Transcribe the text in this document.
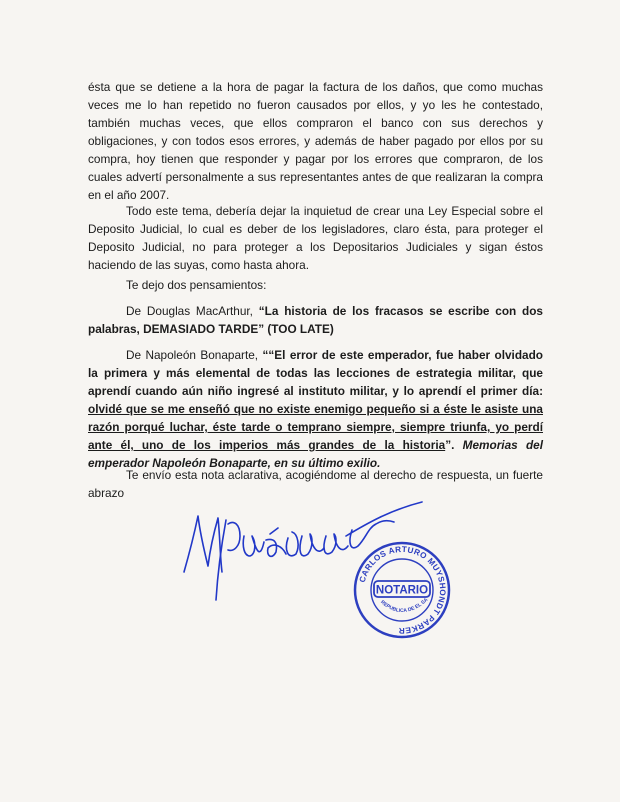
ésta que se detiene a la hora de pagar la factura de los daños, que como muchas veces me lo han repetido no fueron causados por ellos, y yo les he contestado, también muchas veces, que ellos compraron el banco con sus derechos y obligaciones, y con todos esos errores, y además de haber pagado por ellos por su compra, hoy tienen que responder y pagar por los errores que compraron, de los cuales advertí personalmente a sus representantes antes de que realizaran la compra en el año 2007.

Todo este tema, debería dejar la inquietud de crear una Ley Especial sobre el Deposito Judicial, lo cual es deber de los legisladores, claro ésta, para proteger el Deposito Judicial, no para proteger a los Depositarios Judiciales y sigan éstos haciendo de las suyas, como hasta ahora.

Te dejo dos pensamientos:

De Douglas MacArthur, “La historia de los fracasos se escribe con dos palabras, DEMASIADO TARDE” (TOO LATE)

De Napoleón Bonaparte, ““El error de este emperador, fue haber olvidado la primera y más elemental de todas las lecciones de estrategia militar, que aprendí cuando aún niño ingresé al instituto militar, y lo aprendí el primer día: olvidé que se me enseñó que no existe enemigo pequeño si a éste le asiste una razón porqué luchar, éste tarde o temprano siempre, siempre triunfa, yo perdí ante él, uno de los imperios más grandes de la historia”. Memorias del emperador Napoleón Bonaparte, en su último exilio.

Te envío esta nota aclarativa, acogiéndome al derecho de respuesta, un fuerte abrazo

CARLOS ARTURO MUYSHONDT PARKER
NOTARIO
REPUBLICA DE EL SA
